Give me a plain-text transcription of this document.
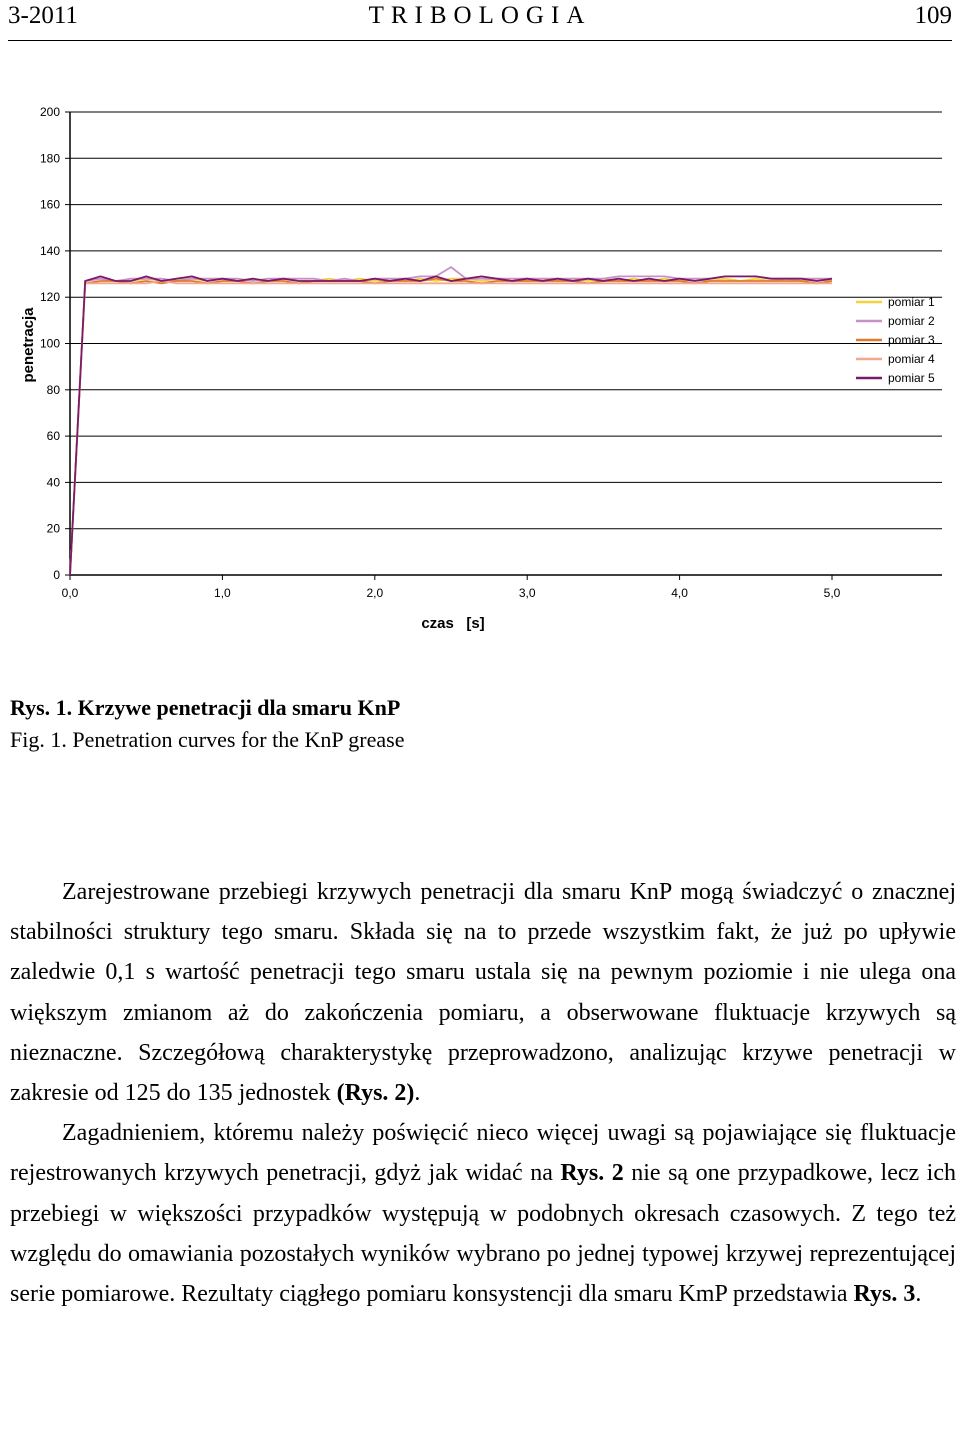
3-2011	TRIBOLOGIA	109
0
20
40
60
80
100
120
140
160
180
200
0,0	1,0	2,0	3,0	4,0	5,0
pomiar 1
pomiar 2
pomiar 3
pomiar 4
pomiar 5
penetracja
czas   [s]
Rys. 1. Krzywe penetracji dla smaru KnP
Fig. 1. Penetration curves for the KnP grease

Zarejestrowane przebiegi krzywych penetracji dla smaru KnP mogą świadczyć o znacznej stabilności struktury tego smaru. Składa się na to przede wszystkim fakt, że już po upływie zaledwie 0,1 s wartość penetracji tego smaru ustala się na pewnym poziomie i nie ulega ona większym zmianom aż do zakończenia pomiaru, a obserwowane fluktuacje krzywych są nieznaczne. Szczegółową charakterystykę przeprowadzono, analizując krzywe penetracji w zakresie od 125 do 135 jednostek (Rys. 2).

Zagadnieniem, któremu należy poświęcić nieco więcej uwagi są pojawiające się fluktuacje rejestrowanych krzywych penetracji, gdyż jak widać na Rys. 2 nie są one przypadkowe, lecz ich przebiegi w większości przypadków występują w podobnych okresach czasowych. Z tego też względu do omawiania pozostałych wyników wybrano po jednej typowej krzywej reprezentującej serie pomiarowe. Rezultaty ciągłego pomiaru konsystencji dla smaru KmP przedstawia Rys. 3.
